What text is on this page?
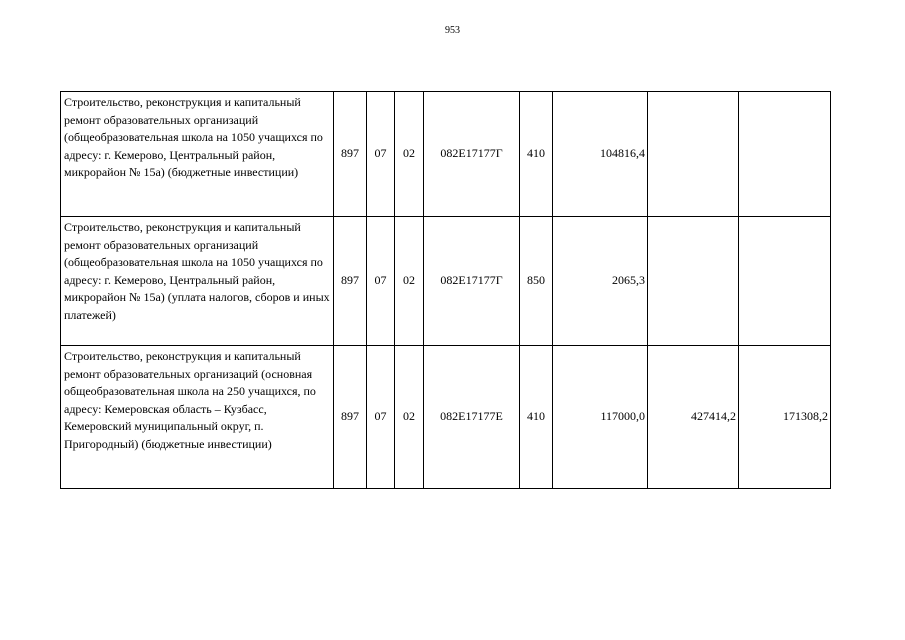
953
Строительство, реконструкция и капитальный ремонт образовательных организаций (общеобразовательная школа на 1050 учащихся по адресу: г. Кемерово, Центральный район, микрорайон № 15а) (бюджетные инвестиции)	897	07	02	082E17177Г	410	104816,4		
Строительство, реконструкция и капитальный ремонт образовательных организаций (общеобразовательная школа на 1050 учащихся по адресу: г. Кемерово, Центральный район, микрорайон № 15а) (уплата налогов, сборов и иных платежей)	897	07	02	082E17177Г	850	2065,3		
Строительство, реконструкция и капитальный ремонт образовательных организаций (основная общеобразовательная школа на 250 учащихся, по адресу: Кемеровская область – Кузбасс, Кемеровский муниципальный округ, п. Пригородный) (бюджетные инвестиции)	897	07	02	082E17177Е	410	117000,0	427414,2	171308,2
